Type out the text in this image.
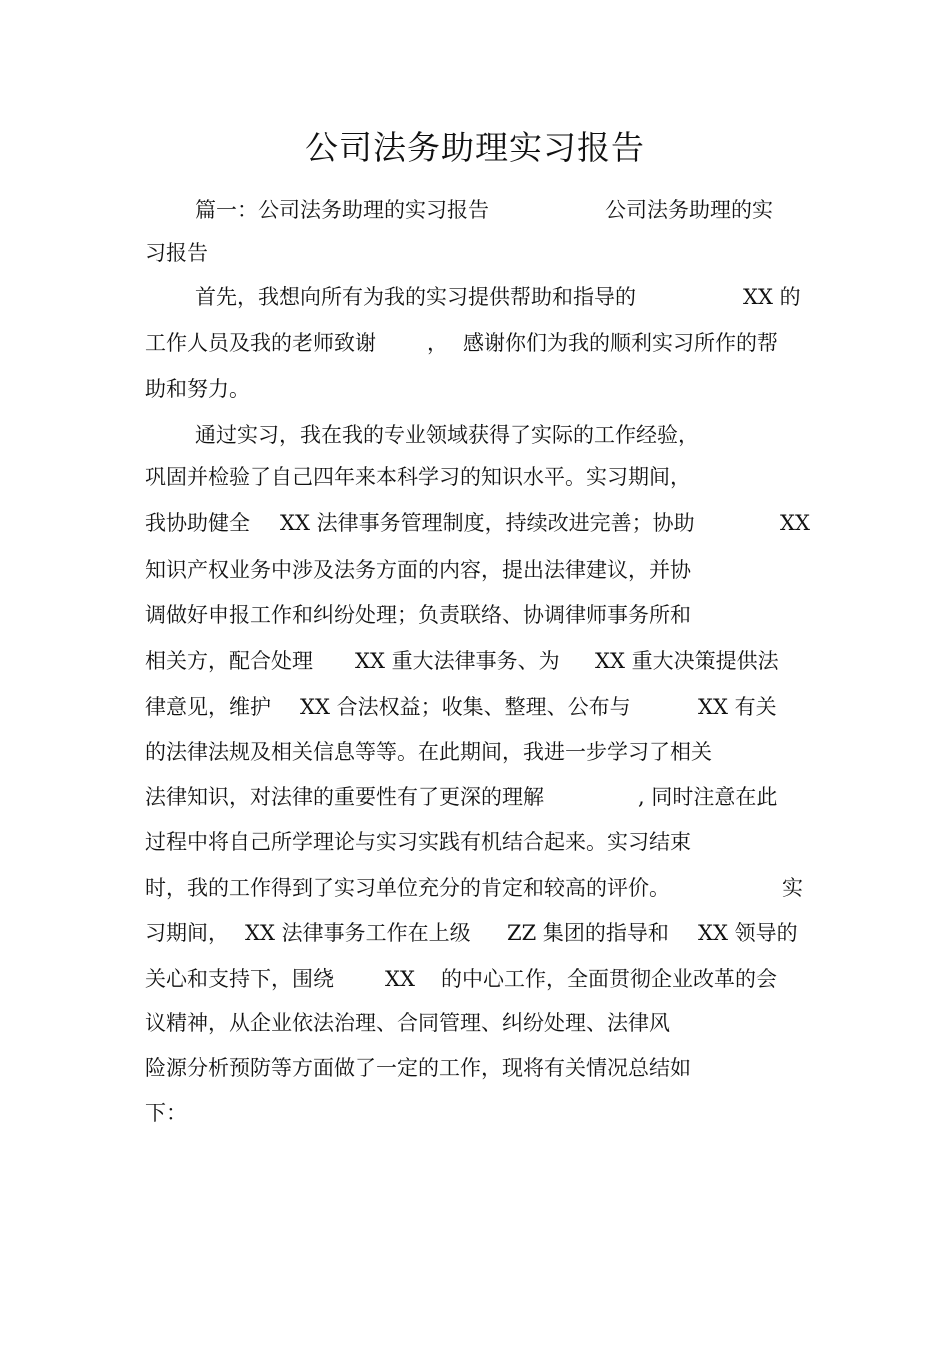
公司法务助理实习报告
篇一：公司法务助理的实习报告	公司法务助理的实
习报告
首先，我想向所有为我的实习提供帮助和指导的	XX 的
工作人员及我的老师致谢 ， 感谢你们为我的顺利实习所作的帮
助和努力。
通过实习，我在我的专业领域获得了实际的工作经验，
巩固并检验了自己四年来本科学习的知识水平。实习期间，
我协助健全 XX 法律事务管理制度，持续改进完善；协助	XX
知识产权业务中涉及法务方面的内容，提出法律建议，并协
调做好申报工作和纠纷处理；负责联络、协调律师事务所和
相关方，配合处理 XX 重大法律事务、为 XX 重大决策提供法
律意见，维护 XX 合法权益；收集、整理、公布与	XX 有关
的法律法规及相关信息等等。在此期间，我进一步学习了相关
法律知识，对法律的重要性有了更深的理解	, 同时注意在此
过程中将自己所学理论与实习实践有机结合起来。实习结束
时，我的工作得到了实习单位充分的肯定和较高的评价。	实
习期间， XX 法律事务工作在上级 ZZ 集团的指导和 XX 领导的
关心和支持下，围绕 XX 的中心工作，全面贯彻企业改革的会
议精神，从企业依法治理、合同管理、纠纷处理、法律风
险源分析预防等方面做了一定的工作，现将有关情况总结如
下：
